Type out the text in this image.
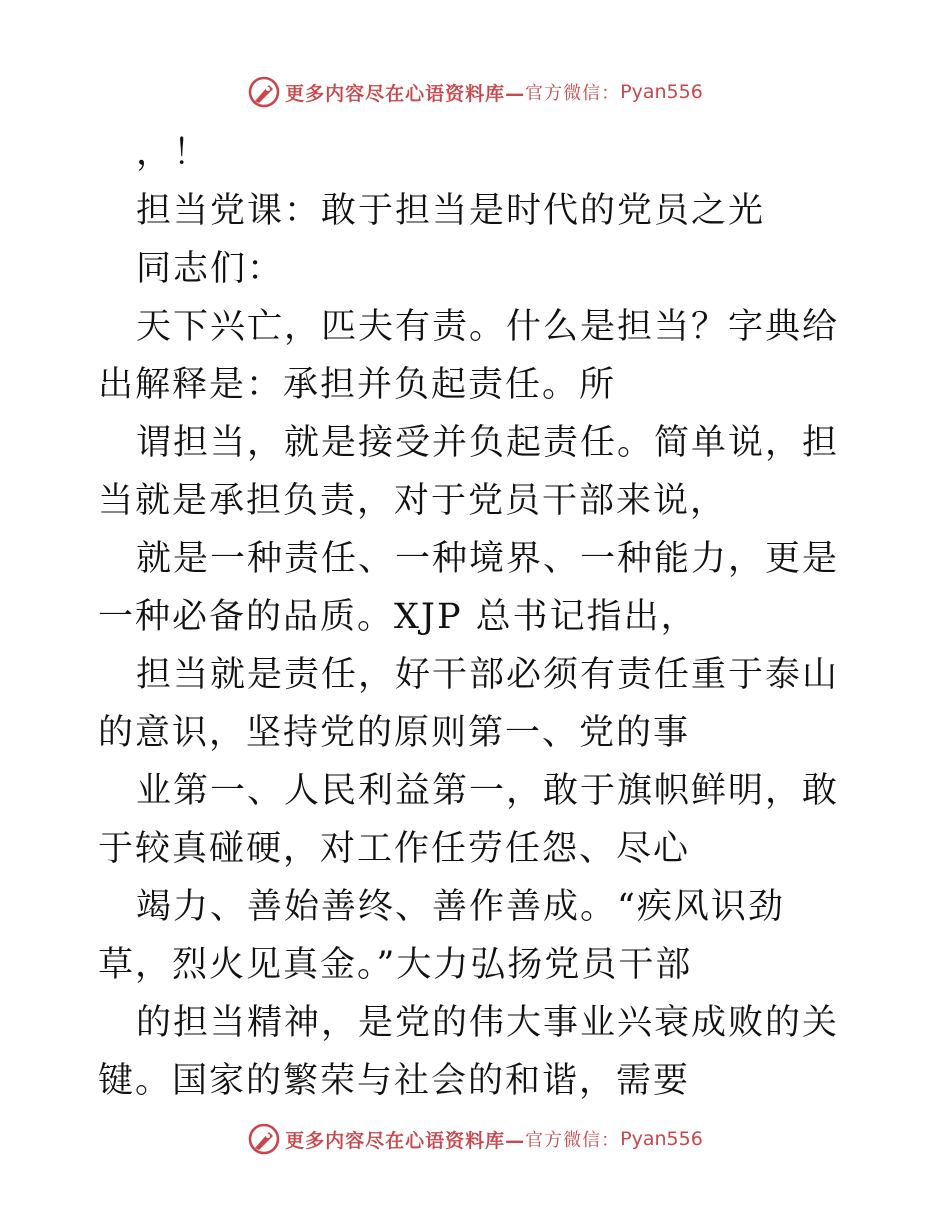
更多内容尽在心语资料库— 官方微信： Pyan556

，！

担当党课：敢于担当是时代的党员之光

同志们：

天下兴亡，匹夫有责。什么是担当？字典给出解释是：承担并负起责任。所

谓担当，就是接受并负起责任。简单说，担当就是承担负责，对于党员干部来说，

就是一种责任、一种境界、一种能力，更是一种必备的品质。XJP 总书记指出，

担当就是责任，好干部必须有责任重于泰山的意识，坚持党的原则第一、党的事

业第一、人民利益第一，敢于旗帜鲜明，敢于较真碰硬，对工作任劳任怨、尽心

竭力、善始善终、善作善成。“疾风识劲草，烈火见真金。”大力弘扬党员干部

的担当精神，是党的伟大事业兴衰成败的关键。国家的繁荣与社会的和谐，需要

更多内容尽在心语资料库— 官方微信： Pyan556
